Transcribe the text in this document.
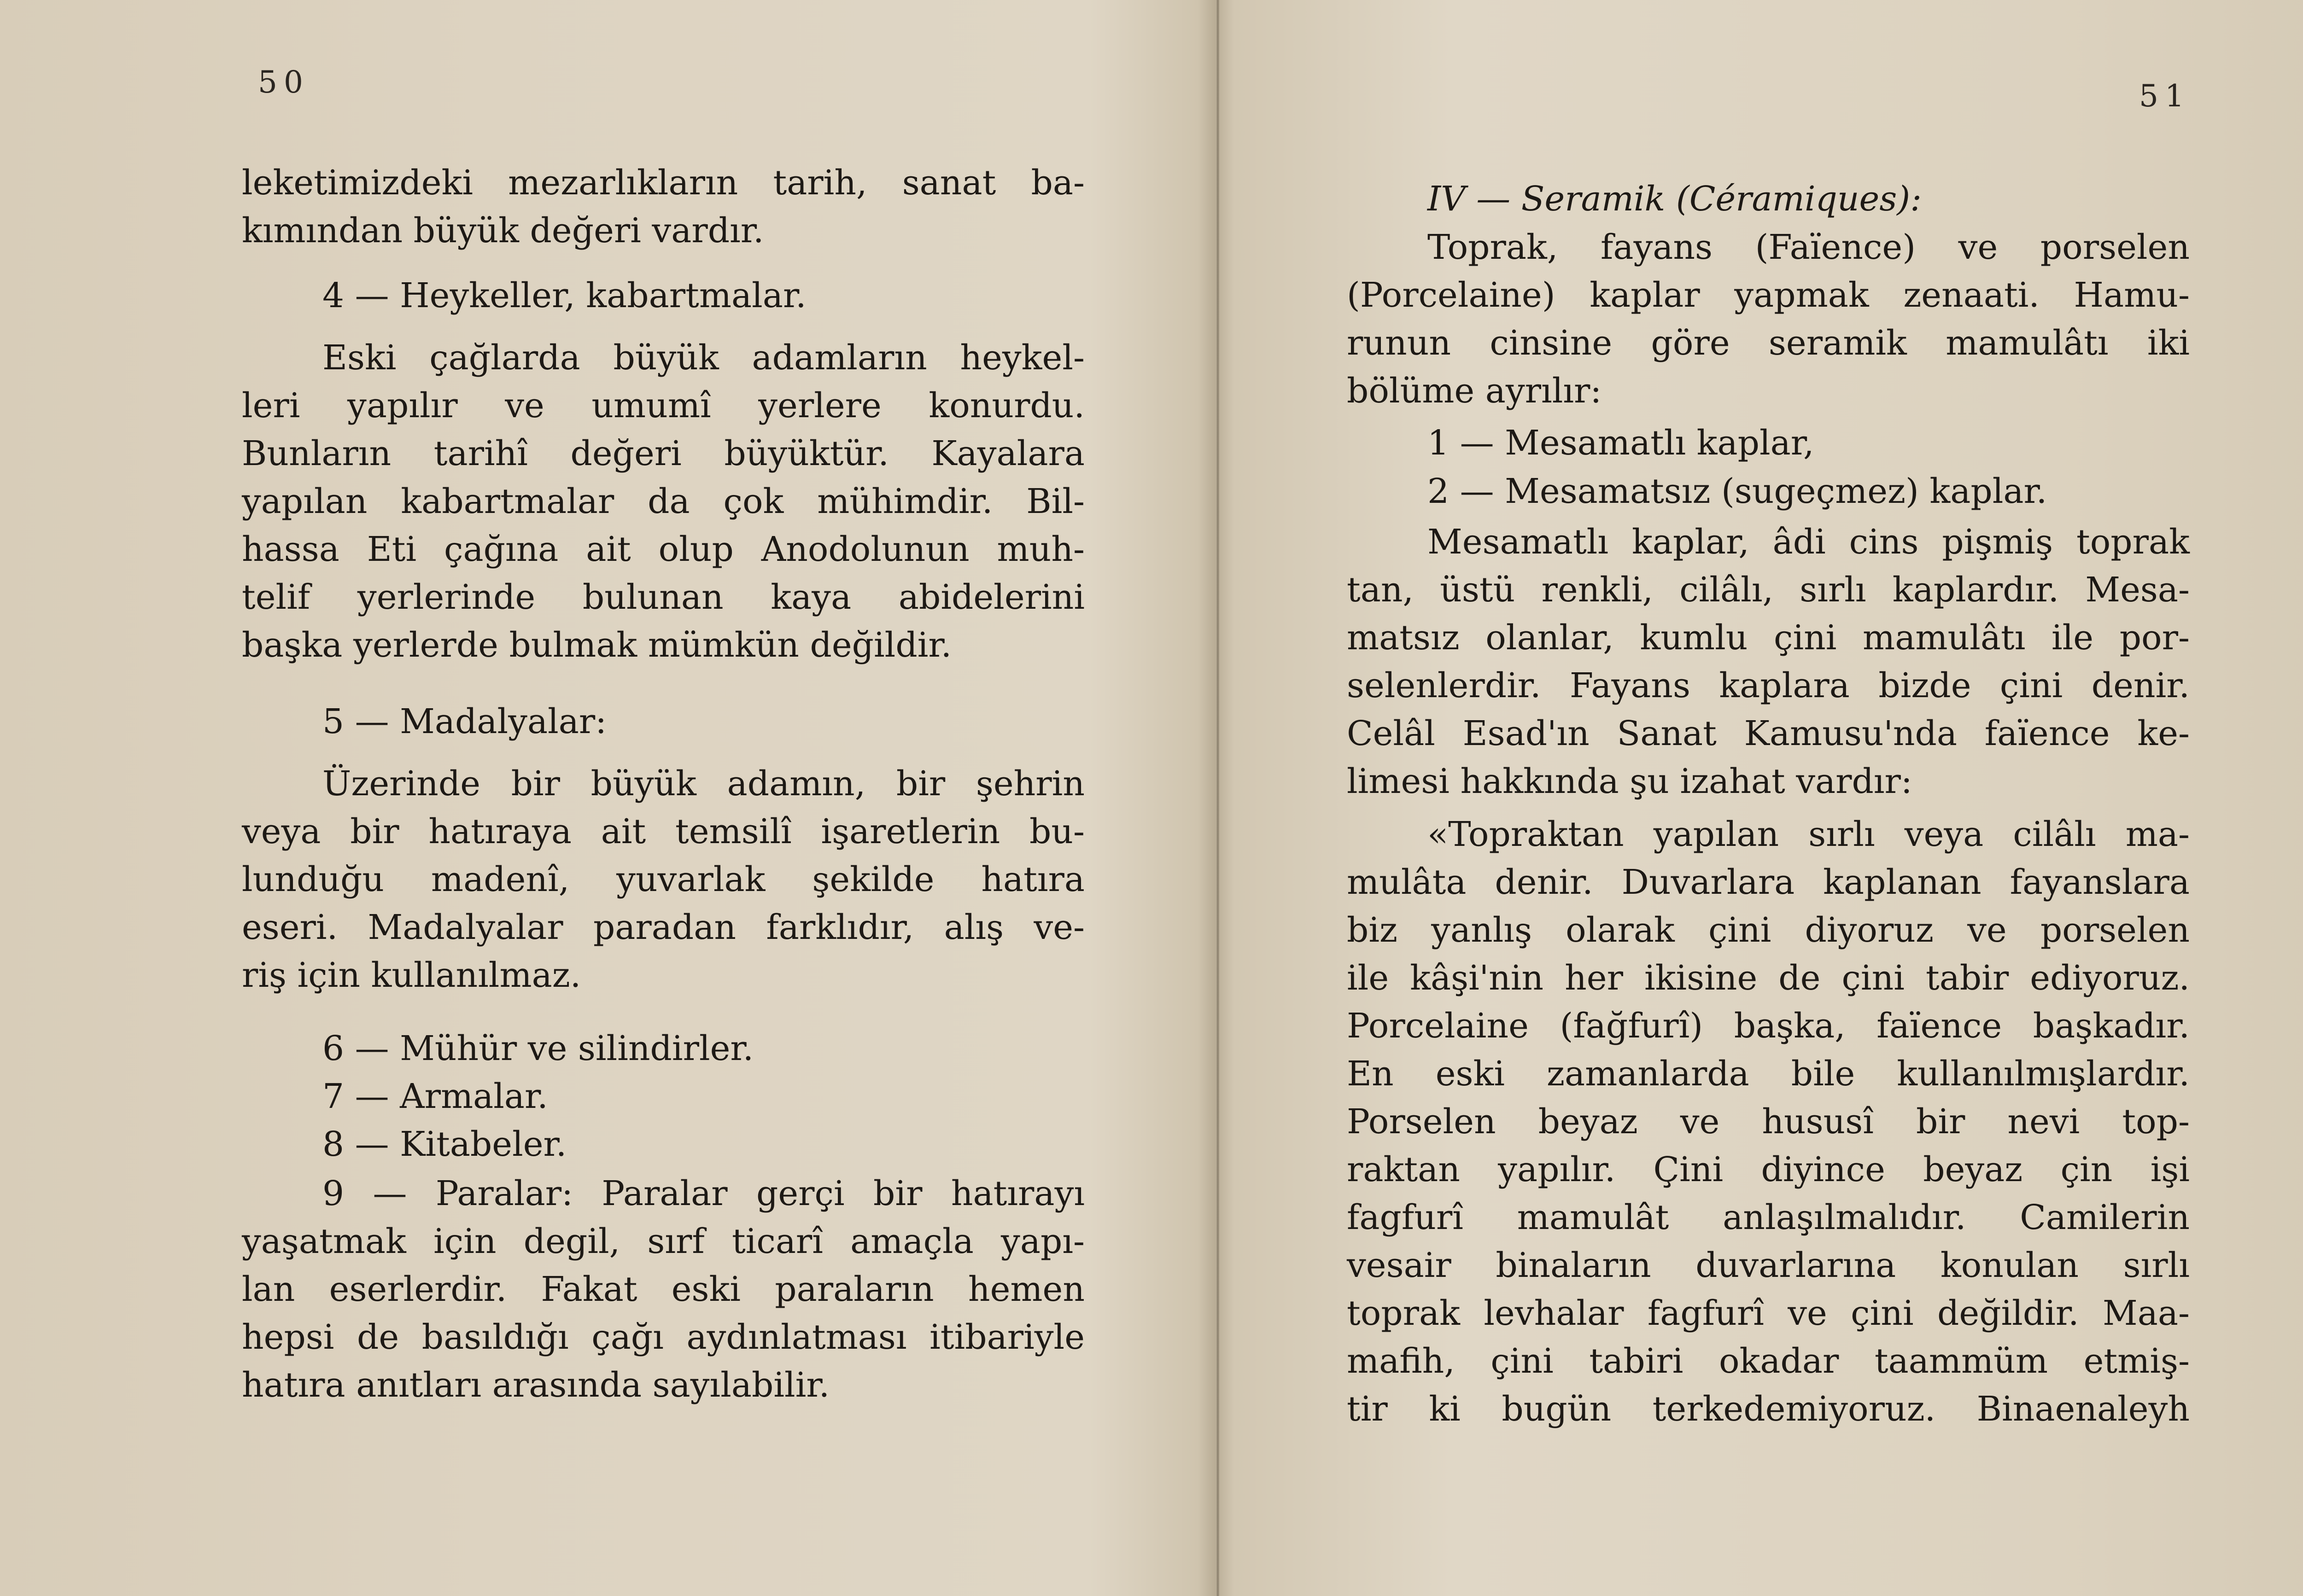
50

leketimizdeki mezarlıkların tarih, sanat ba-

kımından büyük değeri vardır.

4 — Heykeller, kabartmalar.

Eski çağlarda büyük adamların heykel-

leri yapılır ve umumî yerlere konurdu.

Bunların tarihî değeri büyüktür. Kayalara

yapılan kabartmalar da çok mühimdir. Bil-

hassa Eti çağına ait olup Anodolunun muh-

telif yerlerinde bulunan kaya abidelerini

başka yerlerde bulmak mümkün değildir.

5 — Madalyalar:

Üzerinde bir büyük adamın, bir şehrin

veya bir hatıraya ait temsilî işaretlerin bu-

lunduğu madenî, yuvarlak şekilde hatıra

eseri. Madalyalar paradan farklıdır, alış ve-

riş için kullanılmaz.

6 — Mühür ve silindirler.

7 — Armalar.

8 — Kitabeler.

9 — Paralar: Paralar gerçi bir hatırayı

yaşatmak için degil, sırf ticarî amaçla yapı-

lan eserlerdir. Fakat eski paraların hemen

hepsi de basıldığı çağı aydınlatması itibariyle

hatıra anıtları arasında sayılabilir.

51

IV — Seramik (Céramiques):

Toprak, fayans (Faïence) ve porselen

(Porcelaine) kaplar yapmak zenaati. Hamu-

runun cinsine göre seramik mamulâtı iki

bölüme ayrılır:

1 — Mesamatlı kaplar,

2 — Mesamatsız (sugeçmez) kaplar.

Mesamatlı kaplar, âdi cins pişmiş toprak

tan, üstü renkli, cilâlı, sırlı kaplardır. Mesa-

matsız olanlar, kumlu çini mamulâtı ile por-

selenlerdir. Fayans kaplara bizde çini denir.

Celâl Esad'ın Sanat Kamusu'nda faïence ke-

limesi hakkında şu izahat vardır:

«Topraktan yapılan sırlı veya cilâlı ma-

mulâta denir. Duvarlara kaplanan fayanslara

biz yanlış olarak çini diyoruz ve porselen

ile kâşi'nin her ikisine de çini tabir ediyoruz.

Porcelaine (fağfurî) başka, faïence başkadır.

En eski zamanlarda bile kullanılmışlardır.

Porselen beyaz ve hususî bir nevi top-

raktan yapılır. Çini diyince beyaz çin işi

fagfurî mamulât anlaşılmalıdır. Camilerin

vesair binaların duvarlarına konulan sırlı

toprak levhalar fagfurî ve çini değildir. Maa-

mafih, çini tabiri okadar taammüm etmiş-

tir ki bugün terkedemiyoruz. Binaenaleyh
